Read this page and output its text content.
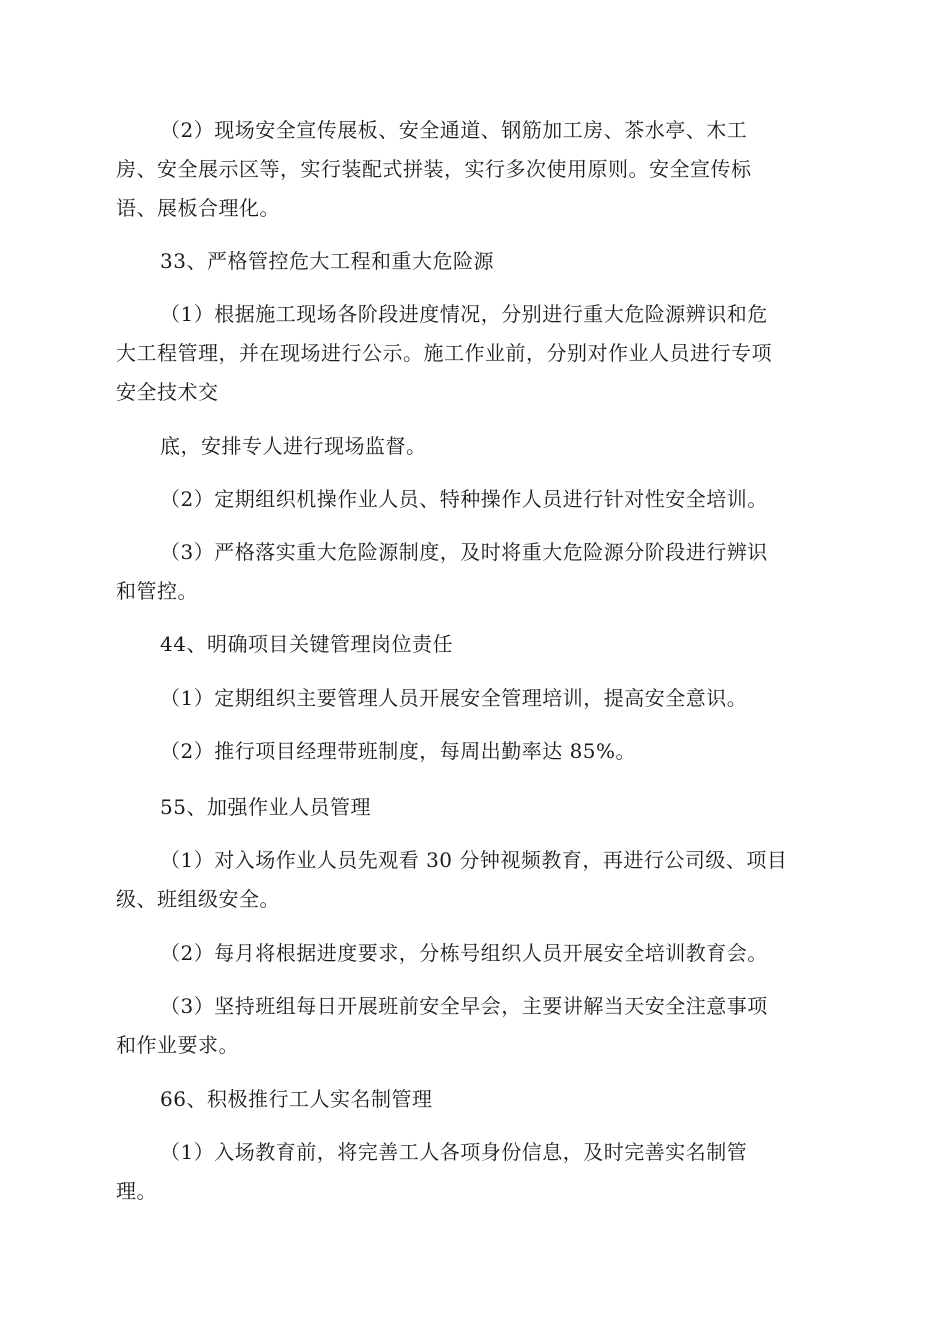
（2）现场安全宣传展板、安全通道、钢筋加工房、茶水亭、木工
房、安全展示区等，实行装配式拼装，实行多次使用原则。安全宣传标
语、展板合理化。
33、严格管控危大工程和重大危险源
（1）根据施工现场各阶段进度情况，分别进行重大危险源辨识和危
大工程管理，并在现场进行公示。施工作业前，分别对作业人员进行专项
安全技术交
底，安排专人进行现场监督。
（2）定期组织机操作业人员、特种操作人员进行针对性安全培训。
（3）严格落实重大危险源制度，及时将重大危险源分阶段进行辨识
和管控。
44、明确项目关键管理岗位责任
（1）定期组织主要管理人员开展安全管理培训，提高安全意识。
（2）推行项目经理带班制度，每周出勤率达 85%。
55、加强作业人员管理
（1）对入场作业人员先观看 30 分钟视频教育，再进行公司级、项目
级、班组级安全。
（2）每月将根据进度要求，分栋号组织人员开展安全培训教育会。
（3）坚持班组每日开展班前安全早会，主要讲解当天安全注意事项
和作业要求。
66、积极推行工人实名制管理
（1）入场教育前，将完善工人各项身份信息，及时完善实名制管
理。
